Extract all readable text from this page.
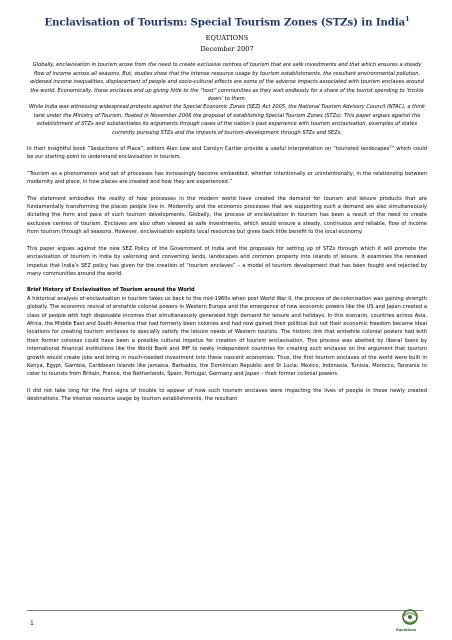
Enclavisation of Tourism: Special Tourism Zones (STZs) in India$^1$
EQUATIONS
December 2007

Globally, enclavisation in tourism arose from the need to create exclusive centres of tourism that are safe investments and that which ensures a steady flow of income across all seasons. But, studies show that the intense resource usage by tourism establishments, the resultant environmental pollution, widened income inequalities, displacement of people and socio-cultural effects are some of the adverse impacts associated with tourism enclaves around the world. Economically, these enclaves end up giving little to the “host” communities as they wait endlessly for a share of the tourist spending to ‘trickle down’ to them.

While India was witnessing widespread protests against the Special Economic Zones (SEZ) Act 2005, the National Tourism Advisory Council (NTAC), a think tank under the Ministry of Tourism, floated in November 2006 the proposal of establishing Special Tourism Zones (STZs). This paper argues against the establishment of STZs and substantiates its arguments through cases of the nation’s past experience with tourism enclavisation, examples of states currently pursuing STZs and the impacts of tourism development through STZs and SEZs.

In their insightful book “Seductions of Place”, editors Alan Lew and Carolyn Cartier provide a useful interpretation on “touristed landscapes$^2$” which could be our starting point to understand enclavisation in tourism.

“Tourism as a phenomenon and set of processes has increasingly become embedded, whether intentionally or unintentionally, in the relationship between modernity and place, in how places are created and how they are experienced.”

The statement embodies the reality of how processes in the modern world have created the demand for tourism and leisure products that are fundamentally transforming the places people live in. Modernity and the economic processes that are supporting such a demand are also simultaneously dictating the form and pace of such tourism developments. Globally, the process of enclavisation in tourism has been a result of the need to create exclusive centres of tourism. Enclaves are also often viewed as safe investments, which would ensure a steady, continuous and reliable, flow of income from tourism through all seasons. However, enclavisation exploits local resources but gives back little benefit to the local economy.

This paper argues against the new SEZ Policy of the Government of India and the proposals for setting up of STZs through which it will promote the enclavisation of tourism in India by valorising and converting lands, landscapes and common property into islands of leisure. It examines the renewed impetus that India’s SEZ policy has given for the creation of “tourism enclaves” – a model of tourism development that has been fought and rejected by many communities around the world.

Brief History of Enclavisation of Tourism around the World

A historical analysis of enclavisation in tourism takes us back to the mid-1960s when post World War II, the process of de-colonisation was gaining strength globally. The economic revival of erstwhile colonial powers in Western Europe and the emergence of new economic powers like the US and Japan created a class of people with high disposable incomes that simultaneously generated high demand for leisure and holidays. In this scenario, countries across Asia, Africa, the Middle East and South America that had formerly been colonies and had now gained their political but not their economic freedom became ideal locations for creating tourism enclaves to specially satisfy the leisure needs of Western tourists. The historic link that erstwhile colonial powers had with their former colonies could have been a possible cultural impetus for creation of tourism enclavisation. This process was abetted by liberal loans by international financial institutions like the World Bank and IMF to newly independent countries for creating such enclaves on the argument that tourism growth would create jobs and bring in much-needed investment into these nascent economies. Thus, the first tourism enclaves of the world were built in Kenya, Egypt, Gambia, Caribbean Islands like Jamaica, Barbados, the Dominican Republic and St Lucia; Mexico, Indonesia, Tunisia, Morocco, Tanzania to cater to tourists from Britain, France, the Netherlands, Spain, Portugal, Germany and Japan – their former colonial powers.

It did not take long for the first signs of trouble to appear of how such tourism enclaves were impacting the lives of people in these newly created destinations. The intense resource usage by tourism establishments, the resultant

1
Equations
